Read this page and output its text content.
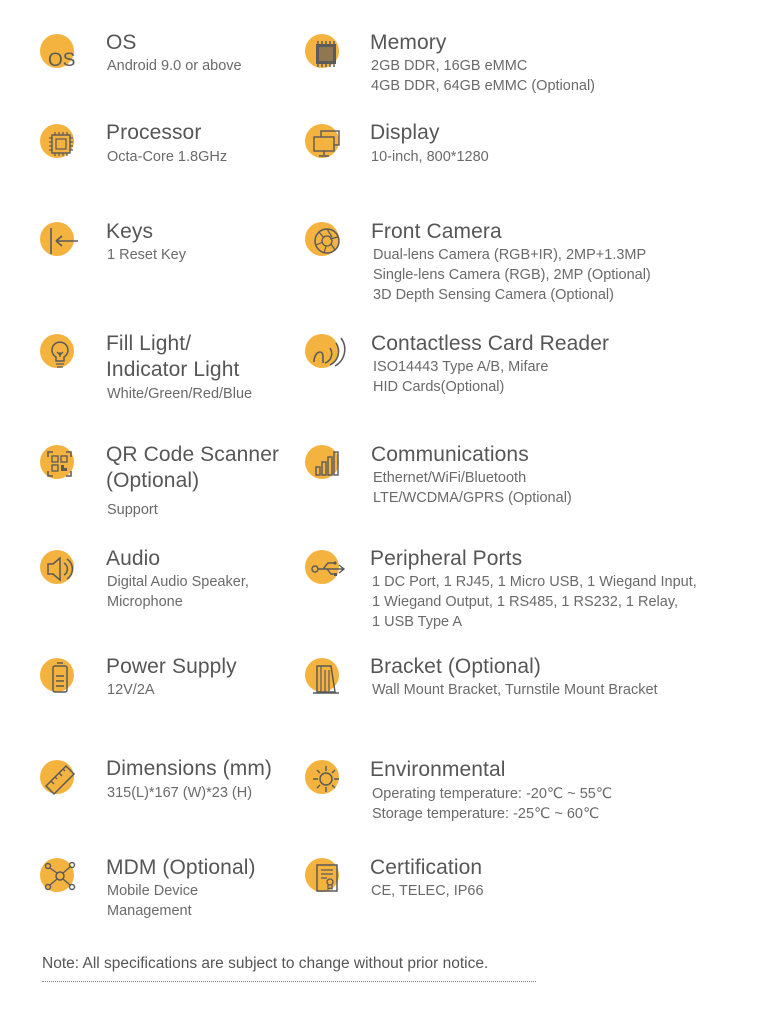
OS
OS
Android 9.0 or above
Processor
Octa-Core 1.8GHz
Keys
1 Reset Key
Fill Light/
Indicator Light
White/Green/Red/Blue
QR Code Scanner
(Optional)
Support
Audio
Digital Audio Speaker,
Microphone
Power Supply
12V/2A
Dimensions (mm)
315(L)*167 (W)*23 (H)
MDM (Optional)
Mobile Device
Management
Memory
2GB DDR, 16GB eMMC
4GB DDR, 64GB eMMC (Optional)
Display
10-inch, 800*1280
Front Camera
Dual-lens Camera (RGB+IR), 2MP+1.3MP
Single-lens Camera (RGB), 2MP (Optional)
3D Depth Sensing Camera (Optional)
Contactless Card Reader
ISO14443 Type A/B, Mifare
HID Cards(Optional)
Communications
Ethernet/WiFi/Bluetooth
LTE/WCDMA/GPRS (Optional)
Peripheral Ports
1 DC Port, 1 RJ45, 1 Micro USB, 1 Wiegand Input,
1 Wiegand Output, 1 RS485, 1 RS232, 1 Relay,
1 USB Type A
Bracket (Optional)
Wall Mount Bracket, Turnstile Mount Bracket
Environmental
Operating temperature: -20℃ ~ 55℃
Storage temperature: -25℃ ~ 60℃
Certification
CE, TELEC, IP66
Note: All specifications are subject to change without prior notice.
